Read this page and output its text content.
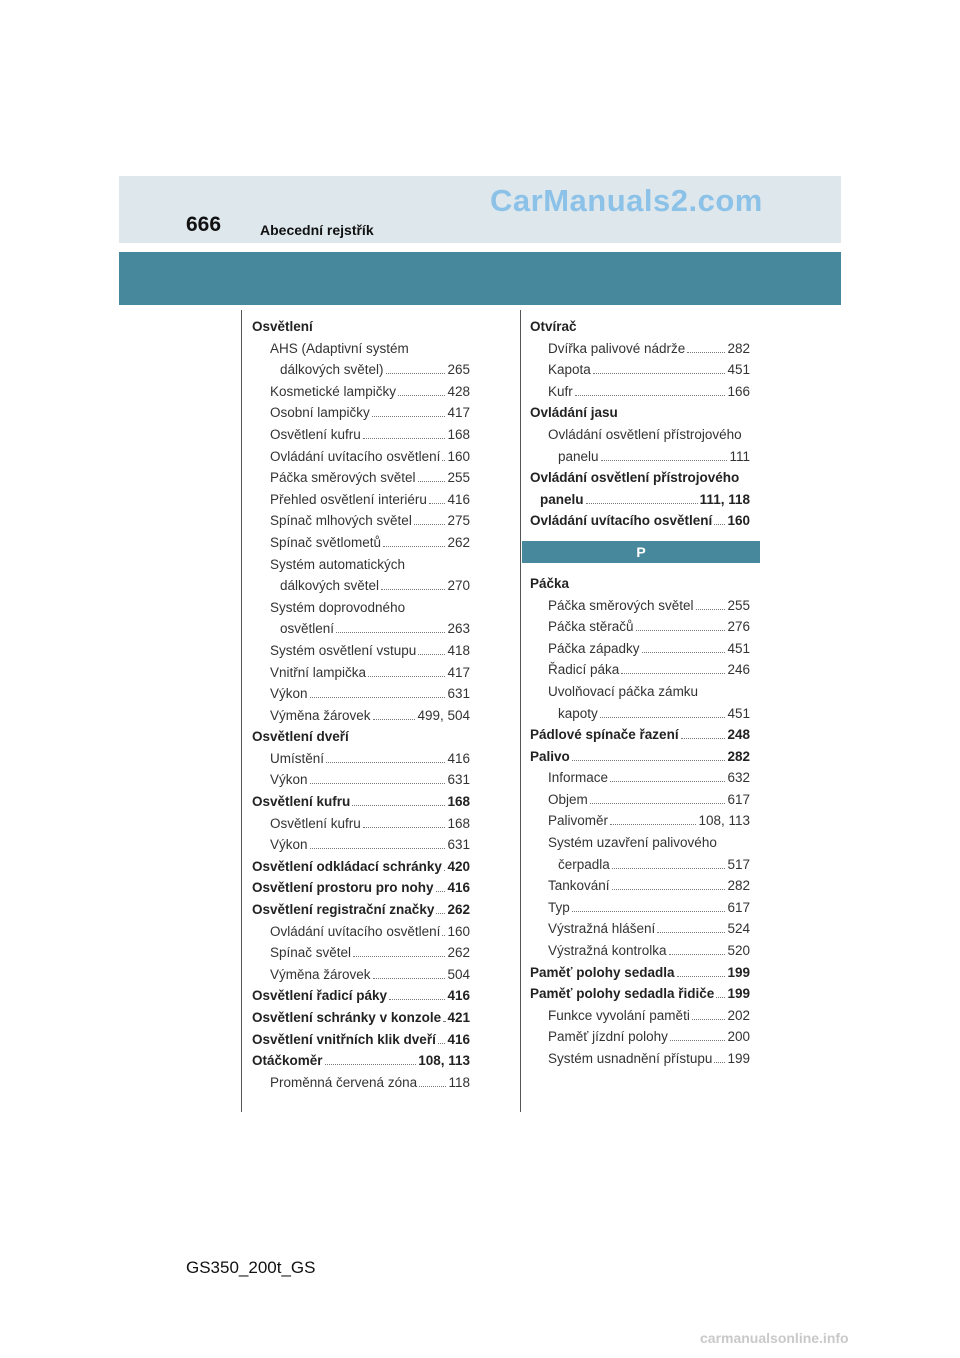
666	Abecední rejstřík
CarManuals2.com
Osvětlení
AHS (Adaptivní systém
dálkových světel)	265
Kosmetické lampičky	428
Osobní lampičky	417
Osvětlení kufru	168
Ovládání uvítacího osvětlení 160
Páčka směrových světel 255
Přehled osvětlení interiéru 416
Spínač mlhových světel	275
Spínač světlometů	262
Systém automatických
dálkových světel	270
Systém doprovodného
osvětlení	263
Systém osvětlení vstupu 418
Vnitřní lampička	417
Výkon	631
Výměna žárovek	499, 504
Osvětlení dveří
Umístění	416
Výkon	631
Osvětlení kufru	168
Osvětlení kufru	168
Výkon	631
Osvětlení odkládací schránky 420
Osvětlení prostoru pro nohy 416
Osvětlení registrační značky 262
Ovládání uvítacího osvětlení 160
Spínač světel	262
Výměna žárovek	504
Osvětlení řadicí páky	416
Osvětlení schránky v konzole 421
Osvětlení vnitřních klik dveří 416
Otáčkoměr	108, 113
Proměnná červená zóna 118
Otvírač
Dvířka palivové nádrže	282
Kapota	451
Kufr	166
Ovládání jasu
Ovládání osvětlení přístrojového
panelu	111
Ovládání osvětlení přístrojového
panelu	111, 118
Ovládání uvítacího osvětlení 160
P
Páčka
Páčka směrových světel	255
Páčka stěračů	276
Páčka západky	451
Řadicí páka	246
Uvolňovací páčka zámku
kapoty	451
Pádlové spínače řazení	248
Palivo	282
Informace	632
Objem	617
Palivoměr	108, 113
Systém uzavření palivového
čerpadla	517
Tankování	282
Typ	617
Výstražná hlášení	524
Výstražná kontrolka	520
Paměť polohy sedadla	199
Paměť polohy sedadla řidiče 199
Funkce vyvolání paměti	202
Paměť jízdní polohy	200
Systém usnadnění přístupu 199
GS350_200t_GS
carmanualsonline.info
